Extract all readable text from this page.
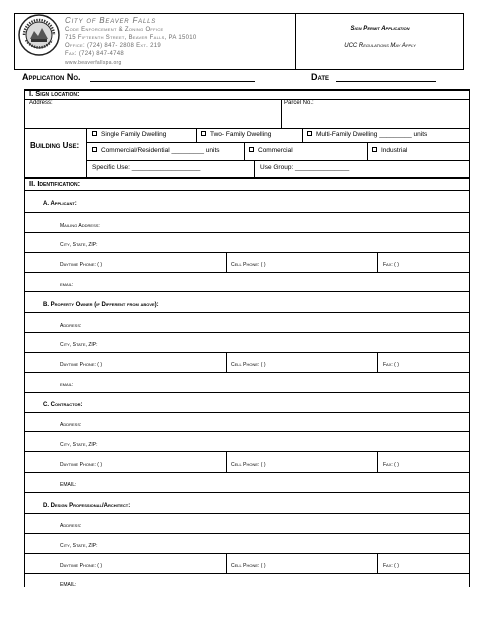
City of Beaver Falls
Code Enforcement & Zoning Office
715 Fifteenth Street, Beaver Falls, PA 15010
Office: (724) 847- 2808 Ext. 219
Fax: (724) 847-4748
www.beaverfallspa.org
Sign Permit Application
UCC Regulations May Apply
Application No.	Date
I. Sign location:
Address:	Parcel No.:
Building Use:
Single Family Dwelling	Two- Family Dwelling	Multi-Family Dwelling _________ units
Commercial/Residential _________ units	Commercial	Industrial
Specific Use: ___________________	Use Group: _______________
II. Identification:
A. Applicant:
Mailing Address:
City, State, ZIP:
Daytime Phone: ( )	Cell Phone: ( )	Fax: ( )
email:
B. Property Owner (if Different from above):
Address:
City, State, ZIP:
Daytime Phone: ( )	Cell Phone: ( )	Fax: ( )
email:
C. Contractor:
Address:
City, State, ZIP:
Daytime Phone: ( )	Cell Phone: ( )	Fax: ( )
EMAIL:
D. Design Professional/Architect:
Address:
City, State, ZIP:
Daytime Phone: ( )	Cell Phone: ( )	Fax: ( )
EMAIL:
